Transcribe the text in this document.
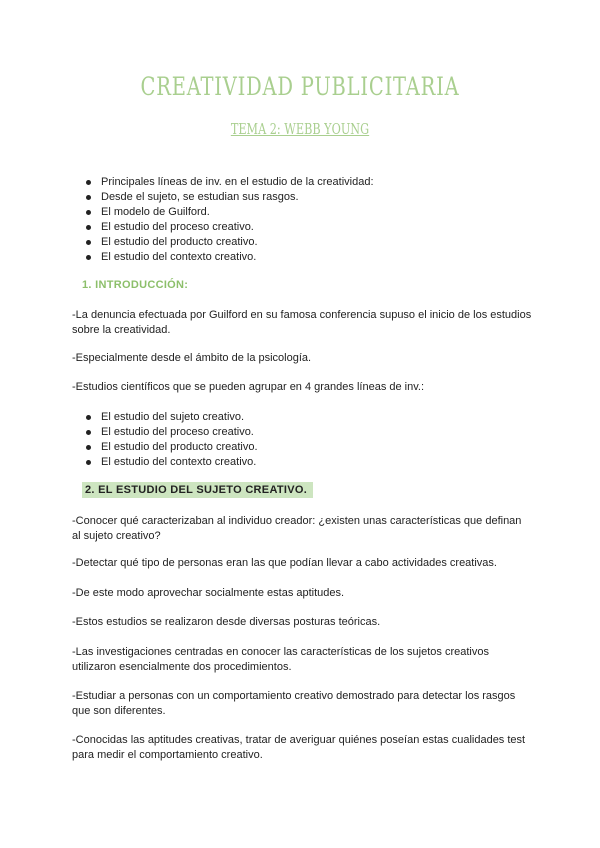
CREATIVIDAD PUBLICITARIA
TEMA 2: WEBB YOUNG
Principales líneas de inv. en el estudio de la creatividad:
Desde el sujeto, se estudian sus rasgos.
El modelo de Guilford.
El estudio del proceso creativo.
El estudio del producto creativo.
El estudio del contexto creativo.
1. INTRODUCCIÓN:

-La denuncia efectuada por Guilford en su famosa conferencia supuso el inicio de los estudios sobre la creatividad.

-Especialmente desde el ámbito de la psicología.

-Estudios científicos que se pueden agrupar en 4 grandes líneas de inv.:

El estudio del sujeto creativo.
El estudio del proceso creativo.
El estudio del producto creativo.
El estudio del contexto creativo.
2. EL ESTUDIO DEL SUJETO CREATIVO.

-Conocer qué caracterizaban al individuo creador: ¿existen unas características que definan al sujeto creativo?

-Detectar qué tipo de personas eran las que podían llevar a cabo actividades creativas.

-De este modo aprovechar socialmente estas aptitudes.

-Estos estudios se realizaron desde diversas posturas teóricas.

-Las investigaciones centradas en conocer las características de los sujetos creativos utilizaron esencialmente dos procedimientos.

-Estudiar a personas con un comportamiento creativo demostrado para detectar los rasgos que son diferentes.

-Conocidas las aptitudes creativas, tratar de averiguar quiénes poseían estas cualidades test para medir el comportamiento creativo.
